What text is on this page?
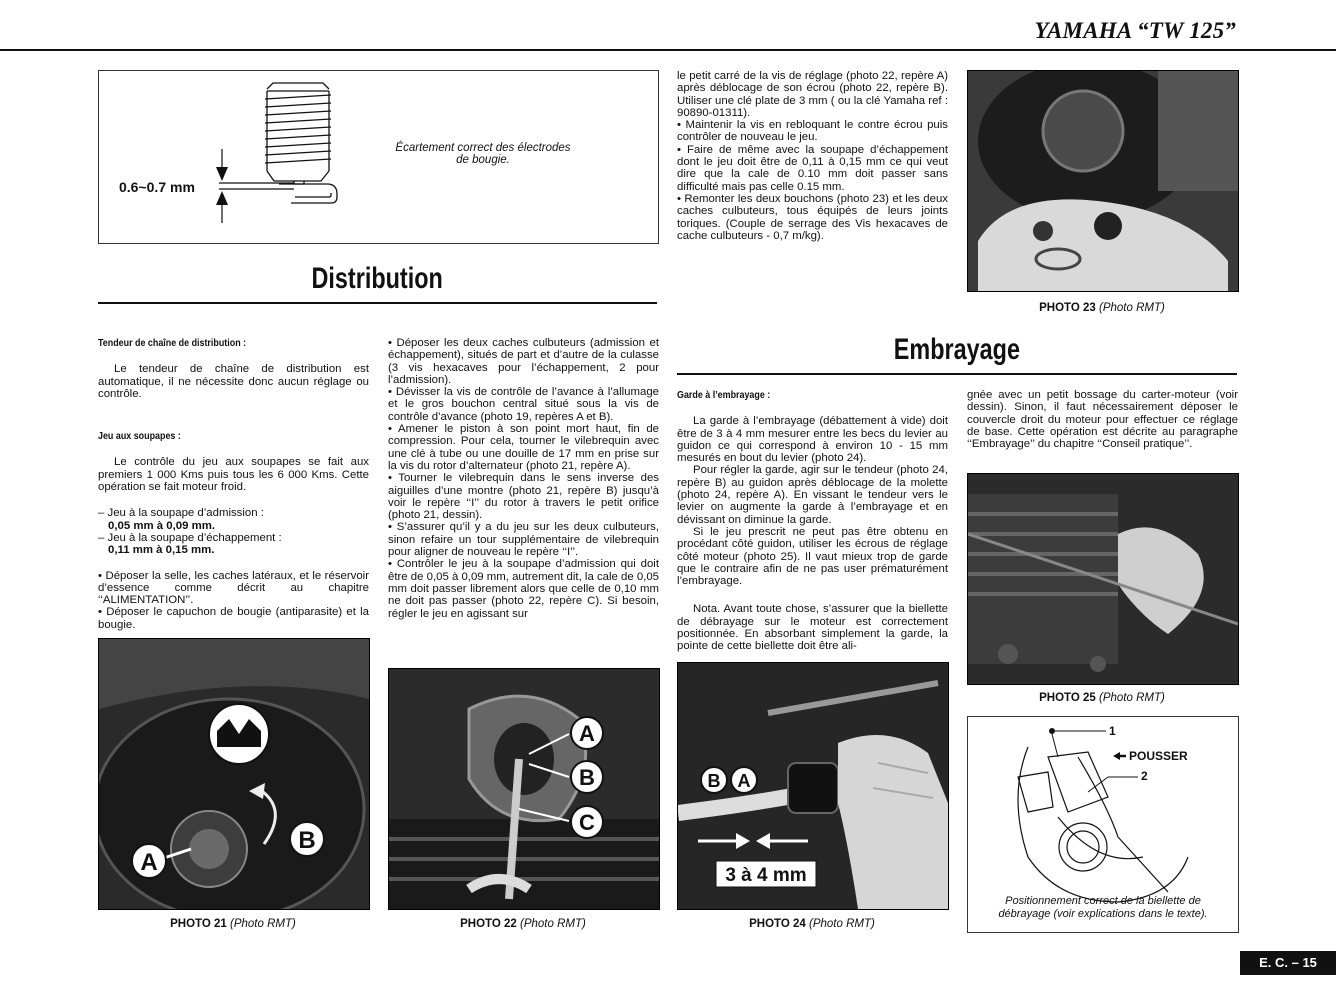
YAMAHA “TW 125”
0.6~0.7 mm
Écartement correct des électrodes
de bougie.
Distribution
Tendeur de chaîne de distribution :

Le tendeur de chaîne de distribution est automatique, il ne nécessite donc aucun réglage ou contrôle.

Jeu aux soupapes :

Le contrôle du jeu aux soupapes se fait aux premiers 1 000 Kms puis tous les 6 000 Kms. Cette opération se fait moteur froid.

– Jeu à la soupape d’admission :

0,05 mm à 0,09 mm.

– Jeu à la soupape d’échappement :

0,11 mm à 0,15 mm.

• Déposer la selle, les caches latéraux, et le réservoir d’essence comme décrit au chapitre ‘‘ALIMENTATION’’.

• Déposer le capuchon de bougie (antiparasite) et la bougie.

• Déposer les deux caches culbuteurs (admission et échappement), situés de part et d’autre de la culasse (3 vis hexacaves pour l’échappement, 2 pour l’admission).

• Dévisser la vis de contrôle de l’avance à l’allumage et le gros bouchon central situé sous la vis de contrôle d’avance (photo 19, repères A et B).

• Amener le piston à son point mort haut, fin de compression. Pour cela, tourner le vilebrequin avec une clé à tube ou une douille de 17 mm en prise sur la vis du rotor d’alternateur (photo 21, repère A).

• Tourner le vilebrequin dans le sens inverse des aiguilles d’une montre (photo 21, repère B) jusqu’à voir le repère ‘‘I’’ du rotor à travers le petit orifice (photo 21, dessin).

• S’assurer qu’il y a du jeu sur les deux culbuteurs, sinon refaire un tour supplémentaire de vilebrequin pour aligner de nouveau le repère ‘‘I’’.

• Contrôler le jeu à la soupape d’admission qui doit être de 0,05 à 0,09 mm, autrement dit, la cale de 0,05 mm doit passer librement alors que celle de 0,10 mm ne doit pas passer (photo 22, repère C). Si besoin, régler le jeu en agissant sur

le petit carré de la vis de réglage (photo 22, repère A) après déblocage de son écrou (photo 22, repère B). Utiliser une clé plate de 3 mm ( ou la clé Yamaha ref : 90890-01311).

• Maintenir la vis en rebloquant le contre écrou puis contrôler de nouveau le jeu.

• Faire de même avec la soupape d’échappement dont le jeu doit être de 0,11 à 0,15 mm ce qui veut dire que la cale de 0.10 mm doit passer sans difficulté mais pas celle 0.15 mm.

• Remonter les deux bouchons (photo 23) et les deux caches culbuteurs, tous équipés de leurs joints toriques. (Couple de serrage des Vis hexacaves de cache culbuteurs - 0,7 m/kg).

PHOTO 23 (Photo RMT)
Embrayage
Garde à l’embrayage :

La garde à l’embrayage (débattement à vide) doit être de 3 à 4 mm mesurer entre les becs du levier au guidon ce qui correspond à environ 10 - 15 mm mesurés en bout du levier (photo 24).

Pour régler la garde, agir sur le tendeur (photo 24, repère B) au guidon après déblocage de la molette (photo 24, repère A). En vissant le tendeur vers le levier on augmente la garde à l’embrayage et en dévissant on diminue la garde.

Si le jeu prescrit ne peut pas être obtenu en procédant côté guidon, utiliser les écrous de réglage côté moteur (photo 25). Il vaut mieux trop de garde que le contraire afin de ne pas user prématurément l’embrayage.

Nota. Avant toute chose, s’assurer que la biellette de débrayage sur le moteur est correctement positionnée. En absorbant simplement la garde, la pointe de cette biellette doit être ali-

gnée avec un petit bossage du carter-moteur (voir dessin). Sinon, il faut nécessairement déposer le couvercle droit du moteur pour effectuer ce réglage de base. Cette opération est décrite au paragraphe ‘‘Embrayage’’ du chapitre ‘‘Conseil pratique’’.

PHOTO 25 (Photo RMT)
1
POUSSER
2
Positionnement correct de la biellette de
débrayage (voir explications dans le texte).
A
B
PHOTO 21 (Photo RMT)
A
B
C
PHOTO 22 (Photo RMT)
B A
3 à 4 mm
PHOTO 24 (Photo RMT)
E. C. – 15
